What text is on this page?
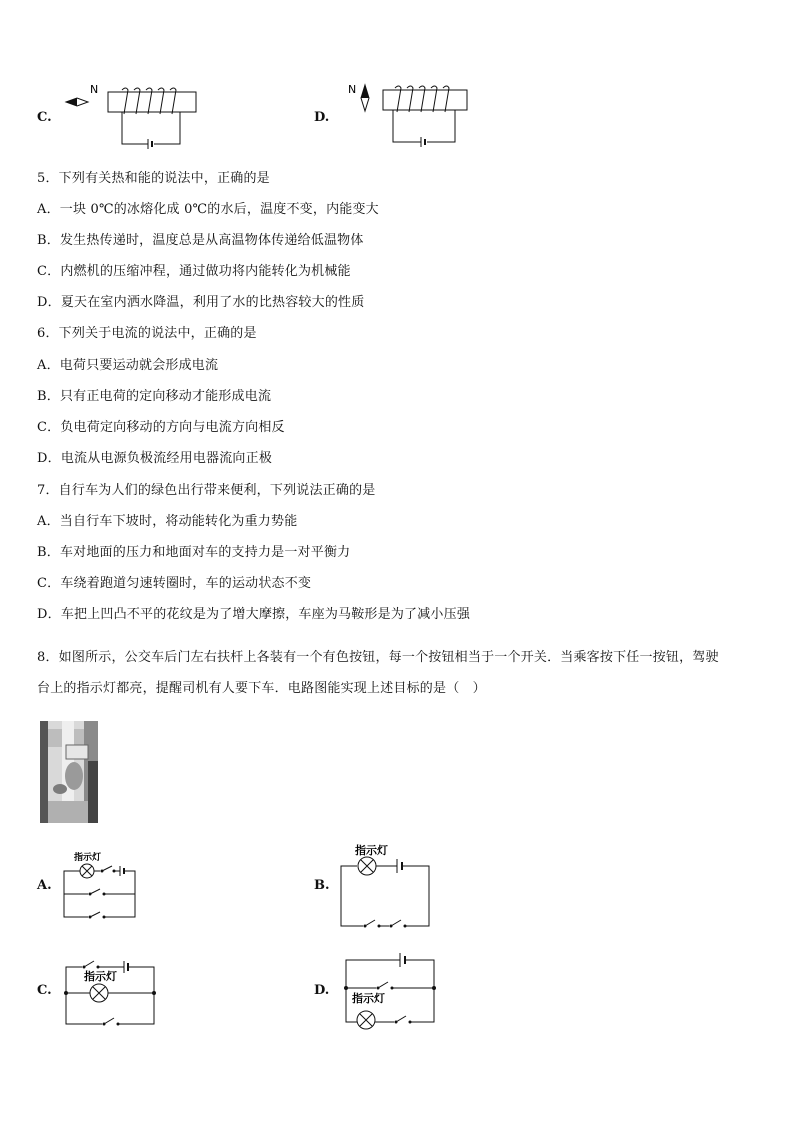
C.
N
D.
N
5．下列有关热和能的说法中，正确的是
A．一块 0℃的冰熔化成 0℃的水后，温度不变，内能变大
B．发生热传递时，温度总是从高温物体传递给低温物体
C．内燃机的压缩冲程，通过做功将内能转化为机械能
D．夏天在室内洒水降温，利用了水的比热容较大的性质
6．下列关于电流的说法中，正确的是
A．电荷只要运动就会形成电流
B．只有正电荷的定向移动才能形成电流
C．负电荷定向移动的方向与电流方向相反
D．电流从电源负极流经用电器流向正极
7．自行车为人们的绿色出行带来便利，下列说法正确的是
A．当自行车下坡时，将动能转化为重力势能
B．车对地面的压力和地面对车的支持力是一对平衡力
C．车绕着跑道匀速转圈时，车的运动状态不变
D．车把上凹凸不平的花纹是为了增大摩擦，车座为马鞍形是为了减小压强
8．如图所示，公交车后门左右扶杆上各装有一个有色按钮，每一个按钮相当于一个开关．当乘客按下任一按钮，驾驶
台上的指示灯都亮，提醒司机有人要下车．电路图能实现上述目标的是（　）
A.
指示灯
B.
指示灯
C.
指示灯
D.
指示灯
